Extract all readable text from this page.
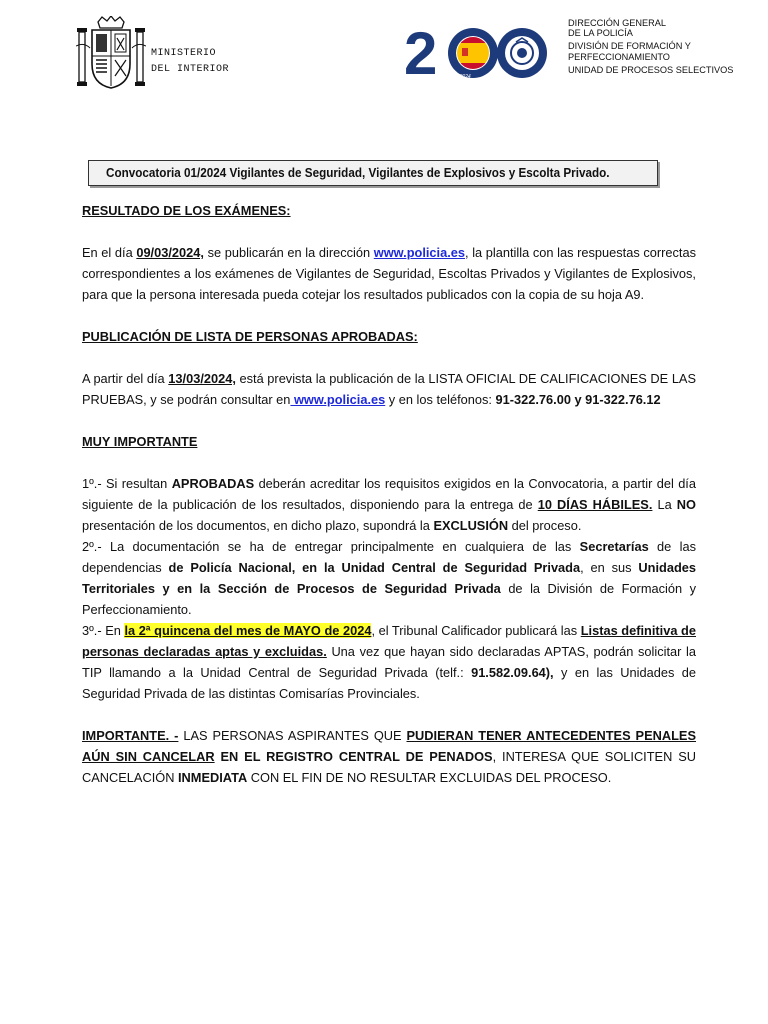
MINISTERIO
DEL INTERIOR	2 1824 - 2024
DIRECCIÓN GENERAL
DE LA POLICÍA
DIVISIÓN DE FORMACIÓN Y
PERFECCIONAMIENTO
UNIDAD DE PROCESOS SELECTIVOS
Convocatoria 01/2024 Vigilantes de Seguridad, Vigilantes de Explosivos y Escolta Privado.

RESULTADO DE LOS EXÁMENES:

En el día 09/03/2024, se publicarán en la dirección www.policia.es, la plantilla con las respuestas correctas correspondientes a los exámenes de Vigilantes de Seguridad, Escoltas Privados y Vigilantes de Explosivos, para que la persona interesada pueda cotejar los resultados publicados con la copia de su hoja A9.

PUBLICACIÓN DE LISTA DE PERSONAS APROBADAS:

A partir del día 13/03/2024, está prevista la publicación de la LISTA OFICIAL DE CALIFICACIONES DE LAS PRUEBAS, y se podrán consultar en www.policia.es y en los teléfonos: 91-322.76.00 y 91-322.76.12

MUY IMPORTANTE

1º.- Si resultan APROBADAS deberán acreditar los requisitos exigidos en la Convocatoria, a partir del día siguiente de la publicación de los resultados, disponiendo para la entrega de 10 DÍAS HÁBILES. La NO presentación de los documentos, en dicho plazo, supondrá la EXCLUSIÓN del proceso.

2º.- La documentación se ha de entregar principalmente en cualquiera de las Secretarías de las dependencias de Policía Nacional, en la Unidad Central de Seguridad Privada, en sus Unidades Territoriales y en la Sección de Procesos de Seguridad Privada de la División de Formación y Perfeccionamiento.

3º.- En la 2ª quincena del mes de MAYO de 2024, el Tribunal Calificador publicará las Listas definitiva de personas declaradas aptas y excluidas. Una vez que hayan sido declaradas APTAS, podrán solicitar la TIP llamando a la Unidad Central de Seguridad Privada (telf.: 91.582.09.64), y en las Unidades de Seguridad Privada de las distintas Comisarías Provinciales.

IMPORTANTE. - LAS PERSONAS ASPIRANTES QUE PUDIERAN TENER ANTECEDENTES PENALES AÚN SIN CANCELAR EN EL REGISTRO CENTRAL DE PENADOS, INTERESA QUE SOLICITEN SU CANCELACIÓN INMEDIATA CON EL FIN DE NO RESULTAR EXCLUIDAS DEL PROCESO.
